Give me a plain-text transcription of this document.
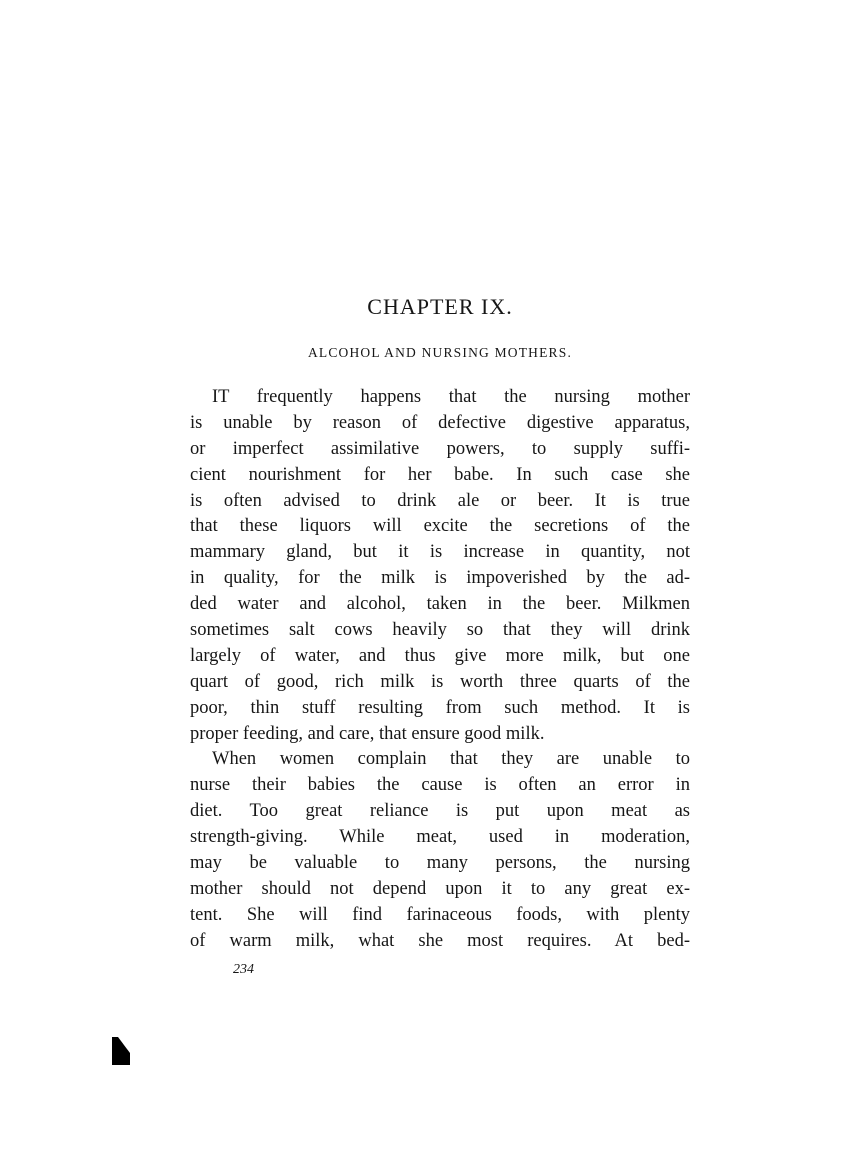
CHAPTER IX.
ALCOHOL AND NURSING MOTHERS.
IT frequently happens that the nursing mother
is unable by reason of defective digestive apparatus,
or imperfect assimilative powers, to supply suffi-
cient nourishment for her babe. In such case she
is often advised to drink ale or beer. It is true
that these liquors will excite the secretions of the
mammary gland, but it is increase in quantity, not
in quality, for the milk is impoverished by the ad-
ded water and alcohol, taken in the beer. Milkmen
sometimes salt cows heavily so that they will drink
largely of water, and thus give more milk, but one
quart of good, rich milk is worth three quarts of the
poor, thin stuff resulting from such method. It is
proper feeding, and care, that ensure good milk.
When women complain that they are unable to
nurse their babies the cause is often an error in
diet. Too great reliance is put upon meat as
strength-giving. While meat, used in moderation,
may be valuable to many persons, the nursing
mother should not depend upon it to any great ex-
tent. She will find farinaceous foods, with plenty
of warm milk, what she most requires. At bed-

234
